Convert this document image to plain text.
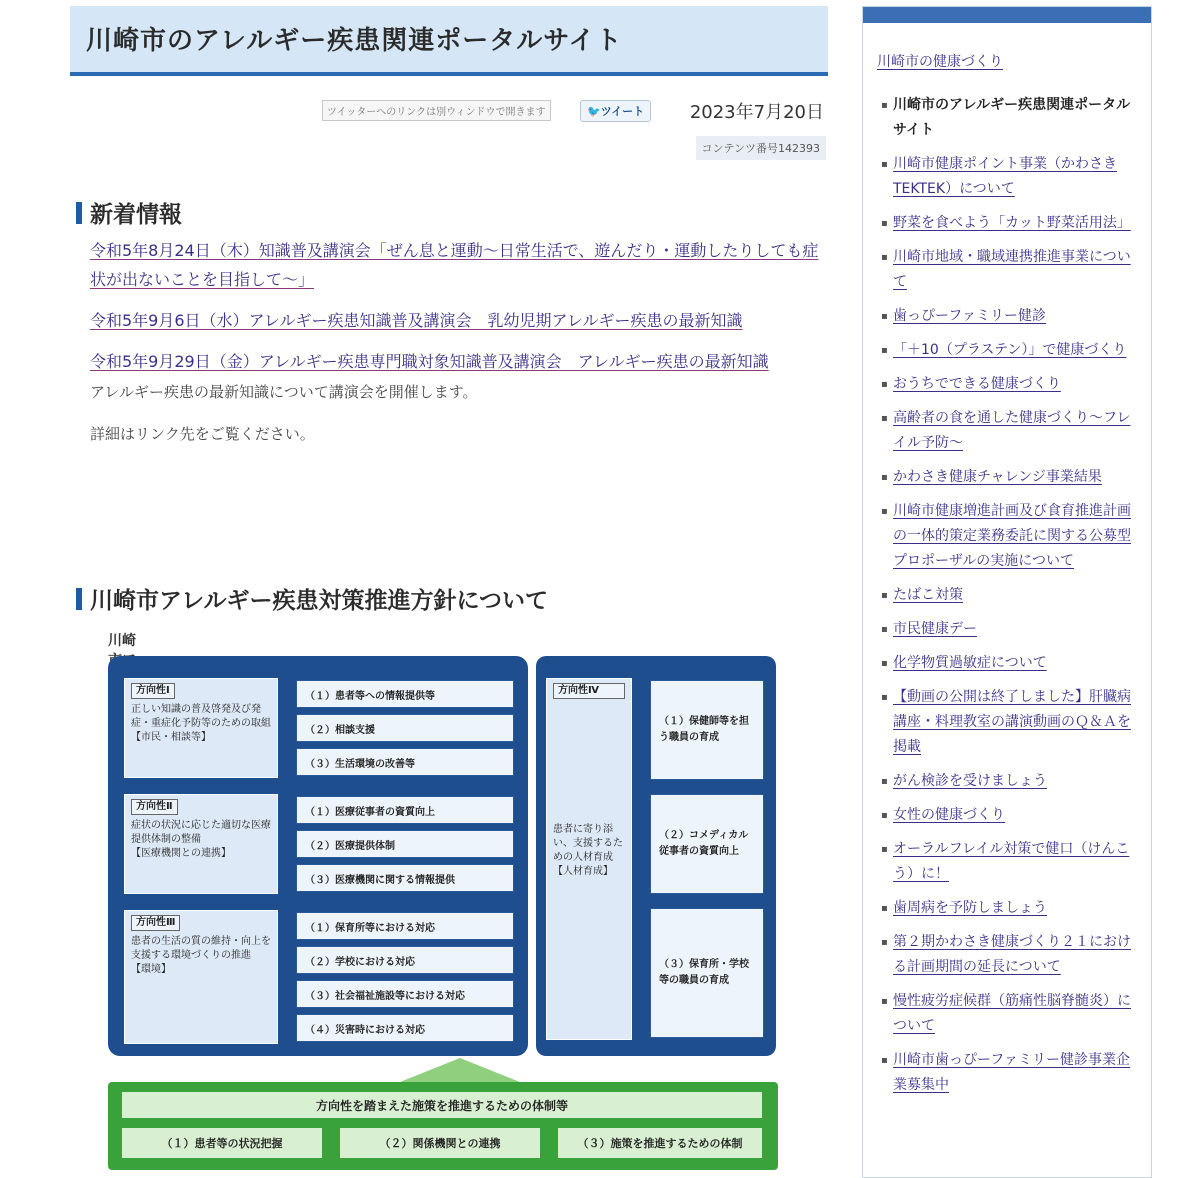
川崎市のアレルギー疾患関連ポータルサイト
ツイッターへのリンクは別ウィンドウで開きます	🐦ツイート	2023年7月20日
コンテンツ番号142393
新着情報

令和5年8月24日（木）知識普及講演会「ぜん息と運動～日常生活で、遊んだり・運動したりしても症状が出ないことを目指して～」

令和5年9月6日（水）アレルギー疾患知識普及講演会　乳幼児期アレルギー疾患の最新知識

令和5年9月29日（金）アレルギー疾患専門職対象知識普及講演会　アレルギー疾患の最新知識

アレルギー疾患の最新知識について講演会を開催します。

詳細はリンク先をご覧ください。

川崎市アレルギー疾患対策推進方針について
川崎　
方向性Ⅰ
正しい知識の普及啓発及び発症・重症化予防等のための取組
【市民・相談等】
（１）患者等への情報提供等
（２）相談支援
（３）生活環境の改善等
方向性Ⅱ
症状の状況に応じた適切な医療提供体制の整備
【医療機関との連携】
（１）医療従事者の資質向上
（２）医療提供体制
（３）医療機関に関する情報提供
方向性Ⅲ
患者の生活の質の維持・向上を支援する環境づくりの推進
【環境】
（１）保育所等における対応
（２）学校における対応
（３）社会福祉施設等における対応
（４）災害時における対応
方向性Ⅳ
患者に寄り添い、支援するための人材育成
【人材育成】
（１）保健師等を担う職員の育成
（２）コメディカル従事者の資質向上
（３）保育所・学校等の職員の育成
方向性を踏まえた施策を推進するための体制等
（１）患者等の状況把握	（２）関係機関との連携	（３）施策を推進するための体制
川崎市の健康づくり
▪ 川崎市のアレルギー疾患関連ポータルサイト
▪ 川崎市健康ポイント事業（かわさきTEKTEK）について
▪ 野菜を食べよう「カット野菜活用法」
▪ 川崎市地域・職域連携推進事業について
▪ 歯っぴーファミリー健診
▪ 「＋10（プラステン）」で健康づくり
▪ おうちでできる健康づくり
▪ 高齢者の食を通した健康づくり～フレイル予防～
▪ かわさき健康チャレンジ事業結果
▪ 川崎市健康増進計画及び食育推進計画の一体的策定業務委託に関する公募型プロポーザルの実施について
▪ たばこ対策
▪ 市民健康デー
▪ 化学物質過敏症について
▪ 【動画の公開は終了しました】肝臓病講座・料理教室の講演動画のＱ＆Ａを掲載
▪ がん検診を受けましょう
▪ 女性の健康づくり
▪ オーラルフレイル対策で健口（けんこう）に！
▪ 歯周病を予防しましょう
▪ 第２期かわさき健康づくり２１における計画期間の延長について
▪ 慢性疲労症候群（筋痛性脳脊髄炎）について
▪ 川崎市歯っぴーファミリー健診事業企業募集中
